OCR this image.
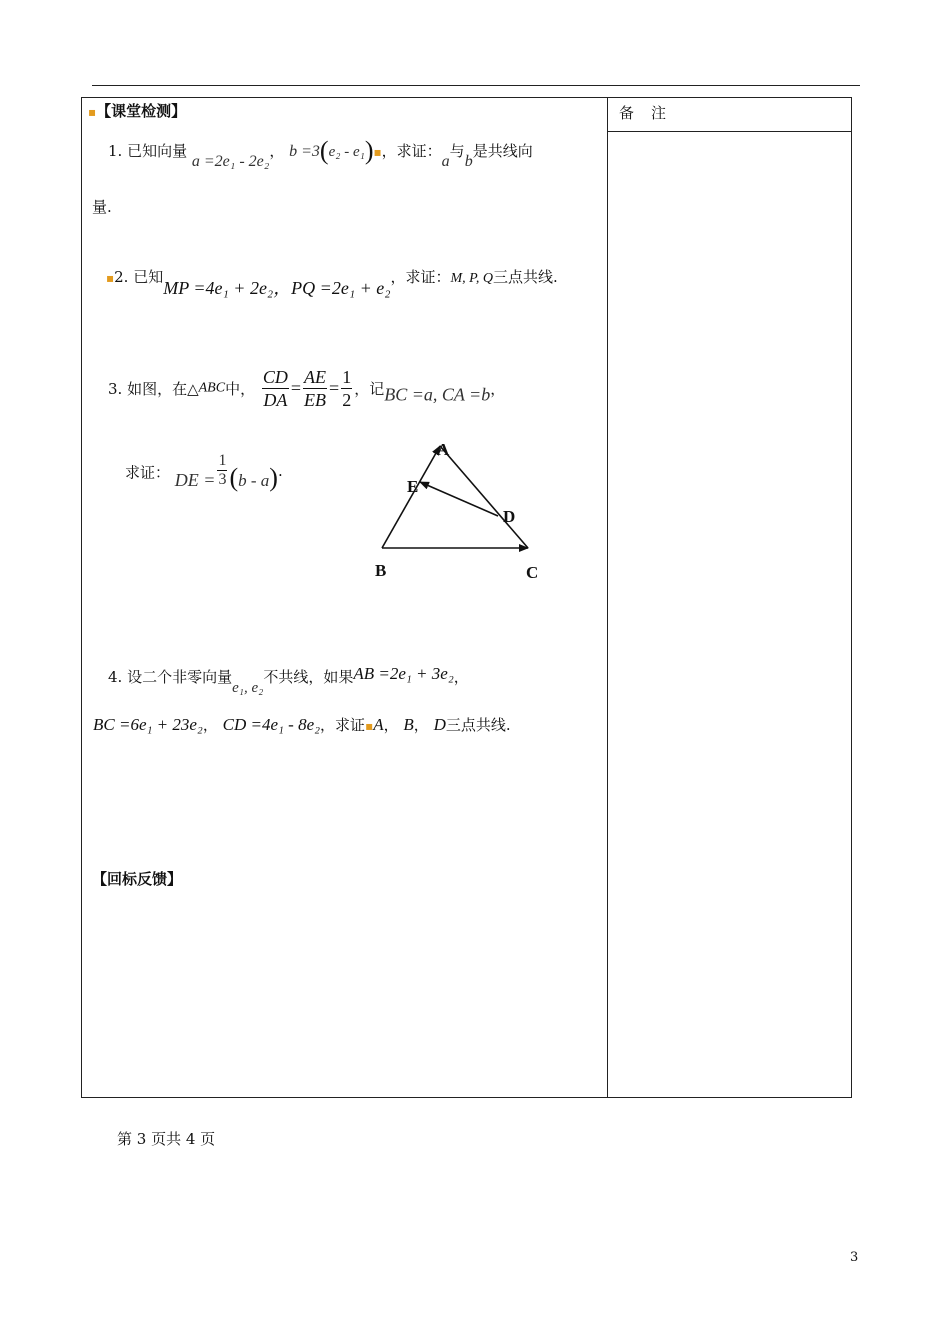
备　注
▪【课堂检测】
1. 已知向量 a =2e₁ - 2e₂， b =3(e₂ - e₁)▪，求证：a与b是共线向
量.
▪2. 已知MP =4e₁ + 2e₂，PQ =2e₁ + e₂，求证：M, P, Q三点共线.
3. 如图，在△ABC中， $\frac{CD}{DA} = \frac{AE}{EB} = \frac{1}{2}$ ，记BC =a, CA =b，
求证： DE = $\frac{1}{3} (b - a)$.
A
E
D
B	C
4. 设二个非零向量e₁, e₂不共线，如果AB =2e₁ + 3e₂，
BC =6e₁ + 23e₂， CD =4e₁ - 8e₂，求证▪A， B， D三点共线.
【回标反馈】
第 3 页共 4 页
3
